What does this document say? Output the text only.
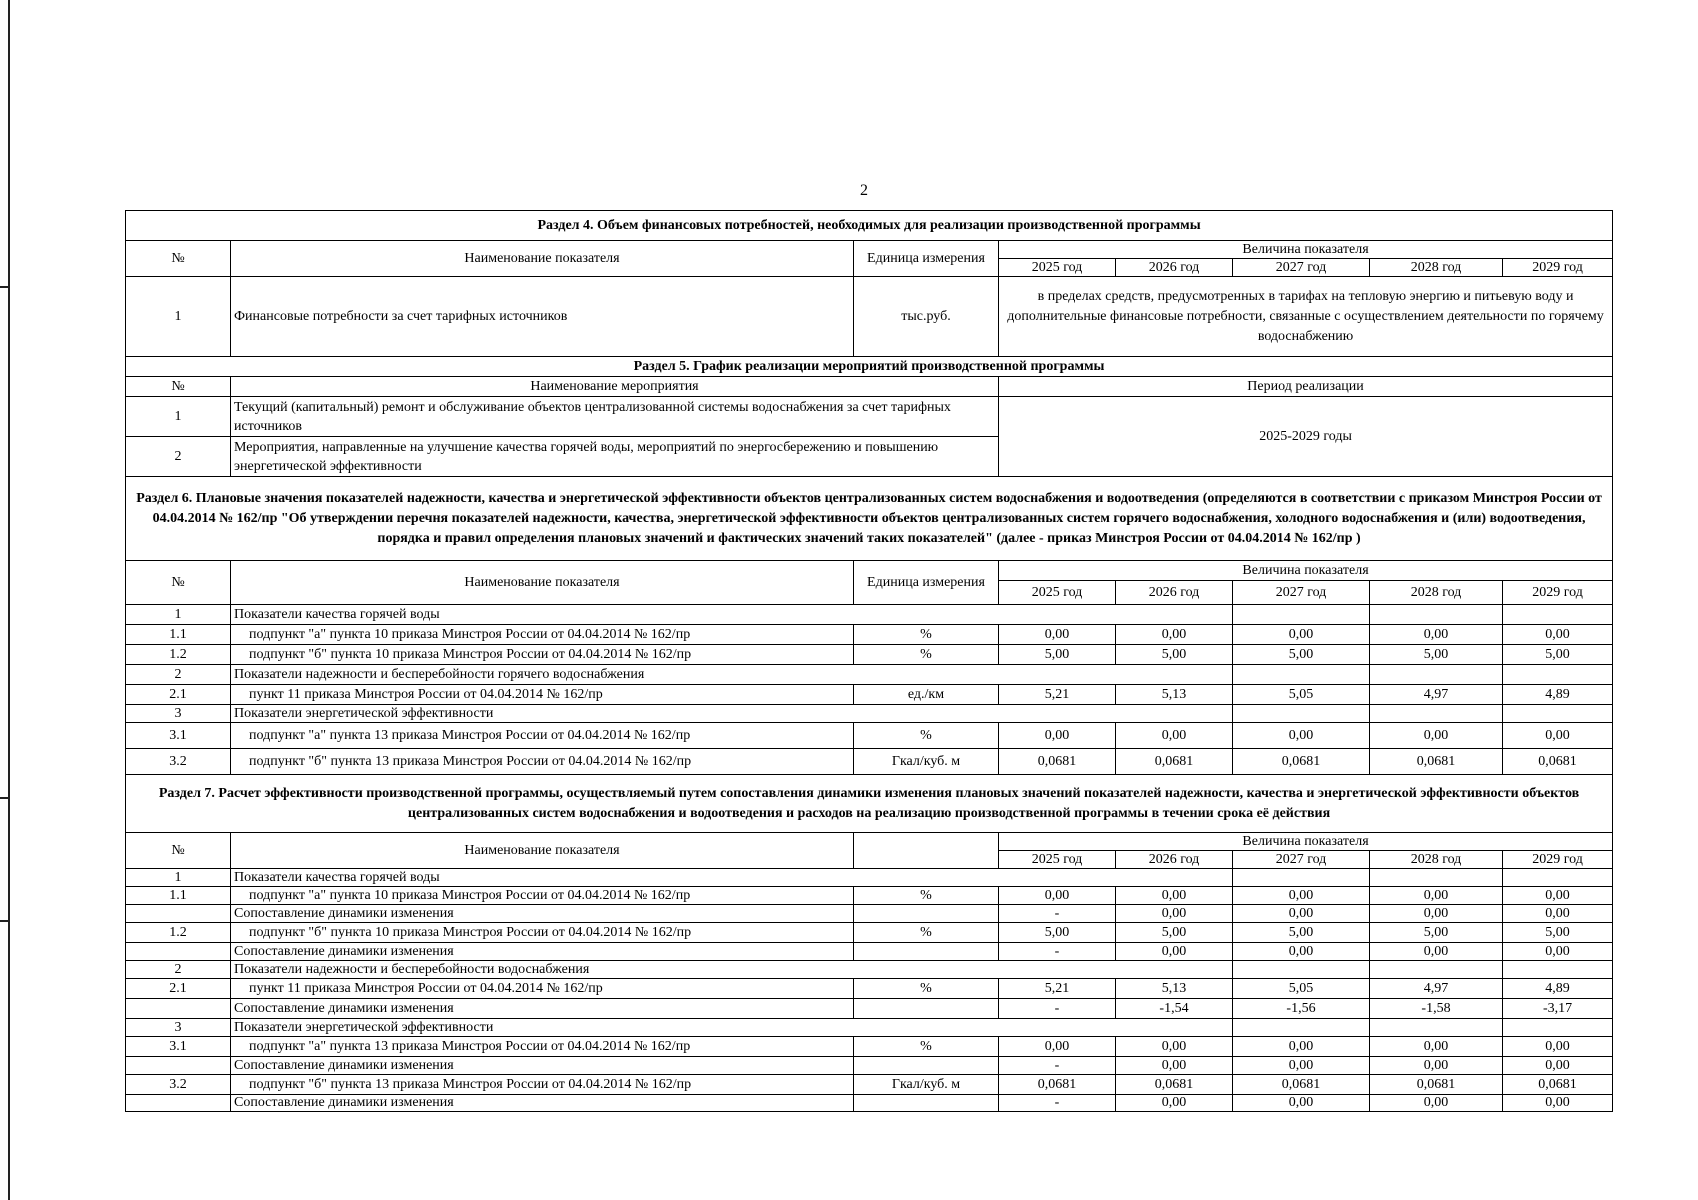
2
Раздел 4. Объем финансовых потребностей, необходимых для реализации производственной программы							
№	Наименование показателя	Единица измерения	Величина показателя				
			2025 год	2026 год	2027 год	2028 год	2029 год
1	Финансовые потребности за счет тарифных источников	тыс.руб.	в пределах средств, предусмотренных в тарифах на тепловую энергию и питьевую воду и дополнительные финансовые потребности, связанные с осуществлением деятельности по горячему водоснабжению				
Раздел 5. График реализации мероприятий производственной программы							
№	Наименование мероприятия		Период реализации				
1	Текущий (капитальный) ремонт и обслуживание объектов централизованной системы водоснабжения за счет тарифных источников		2025-2029 годы				
2	Мероприятия, направленные на улучшение качества горячей воды, мероприятий по энергосбережению и повышению энергетической эффективности						
Раздел 6. Плановые значения показателей надежности, качества и энергетической эффективности объектов централизованных систем водоснабжения и водоотведения (определяются в соответствии с приказом Минстроя России от 04.04.2014 № 162/пр "Об утверждении перечня показателей надежности, качества, энергетической эффективности объектов централизованных систем горячего водоснабжения, холодного водоснабжения и (или) водоотведения, порядка и правил определения плановых значений и фактических значений таких показателей" (далее - приказ Минстроя России от 04.04.2014 № 162/пр )							
№	Наименование показателя	Единица измерения	Величина показателя				
			2025 год	2026 год	2027 год	2028 год	2029 год
1	Показатели качества горячей воды						
1.1	подпункт "а" пункта 10 приказа Минстроя России от 04.04.2014 № 162/пр	%	0,00	0,00	0,00	0,00	0,00
1.2	подпункт "б" пункта 10 приказа Минстроя России от 04.04.2014 № 162/пр	%	5,00	5,00	5,00	5,00	5,00
2	Показатели надежности и бесперебойности горячего водоснабжения						
2.1	пункт 11 приказа Минстроя России от 04.04.2014 № 162/пр	ед./км	5,21	5,13	5,05	4,97	4,89
3	Показатели энергетической эффективности						
3.1	подпункт "а" пункта 13 приказа Минстроя России от 04.04.2014 № 162/пр	%	0,00	0,00	0,00	0,00	0,00
3.2	подпункт "б" пункта 13 приказа Минстроя России от 04.04.2014 № 162/пр	Гкал/куб. м	0,0681	0,0681	0,0681	0,0681	0,0681
Раздел 7. Расчет эффективности производственной программы, осуществляемый путем сопоставления динамики изменения плановых значений показателей надежности, качества и энергетической эффективности объектов централизованных систем водоснабжения и водоотведения и расходов на реализацию производственной программы в течении срока её действия							
№	Наименование показателя		Величина показателя				
			2025 год	2026 год	2027 год	2028 год	2029 год
1	Показатели качества горячей воды						
1.1	подпункт "а" пункта 10 приказа Минстроя России от 04.04.2014 № 162/пр	%	0,00	0,00	0,00	0,00	0,00
	Сопоставление динамики изменения		-	0,00	0,00	0,00	0,00
1.2	подпункт "б" пункта 10 приказа Минстроя России от 04.04.2014 № 162/пр	%	5,00	5,00	5,00	5,00	5,00
	Сопоставление динамики изменения		-	0,00	0,00	0,00	0,00
2	Показатели надежности и бесперебойности водоснабжения						
2.1	пункт 11 приказа Минстроя России от 04.04.2014 № 162/пр	%	5,21	5,13	5,05	4,97	4,89
	Сопоставление динамики изменения		-	-1,54	-1,56	-1,58	-3,17
3	Показатели энергетической эффективности						
3.1	подпункт "а" пункта 13 приказа Минстроя России от 04.04.2014 № 162/пр	%	0,00	0,00	0,00	0,00	0,00
	Сопоставление динамики изменения		-	0,00	0,00	0,00	0,00
3.2	подпункт "б" пункта 13 приказа Минстроя России от 04.04.2014 № 162/пр	Гкал/куб. м	0,0681	0,0681	0,0681	0,0681	0,0681
	Сопоставление динамики изменения		-	0,00	0,00	0,00	0,00
